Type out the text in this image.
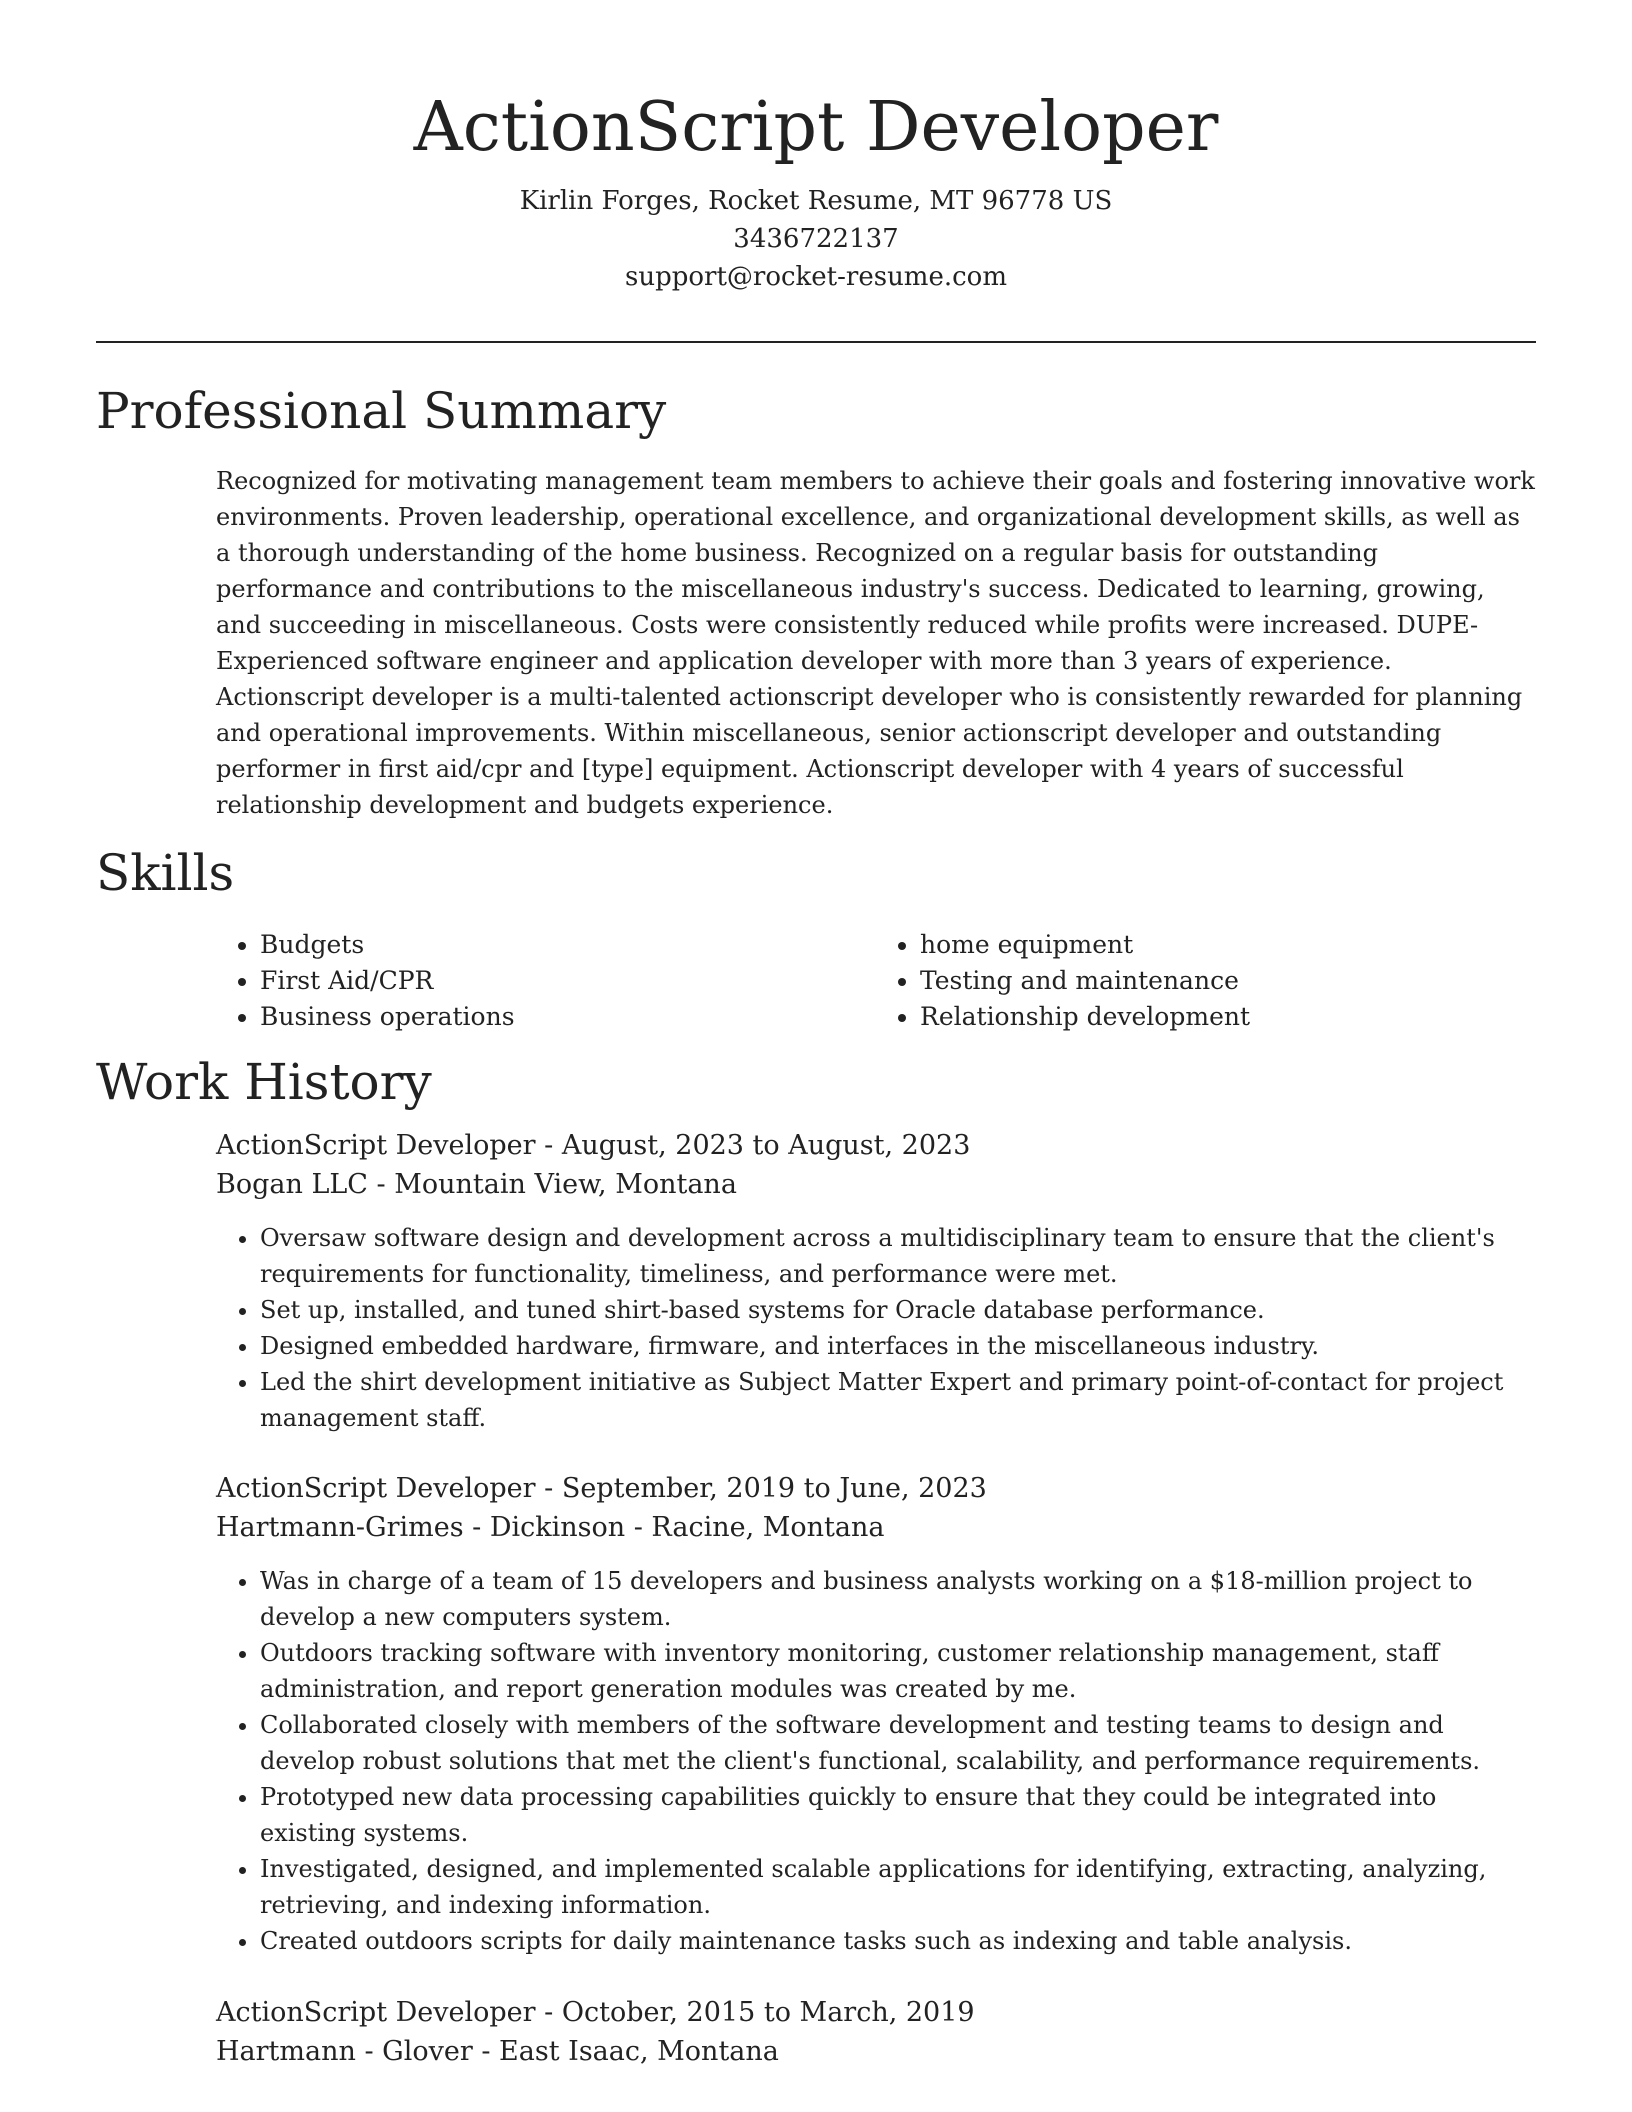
ActionScript Developer
Kirlin Forges, Rocket Resume, MT 96778 US
3436722137
support@rocket-resume.com
Professional Summary

Recognized for motivating management team members to achieve their goals and fostering innovative work environments. Proven leadership, operational excellence, and organizational development skills, as well as a thorough understanding of the home business. Recognized on a regular basis for outstanding performance and contributions to the miscellaneous industry's success. Dedicated to learning, growing, and succeeding in miscellaneous. Costs were consistently reduced while profits were increased. DUPE- Experienced software engineer and application developer with more than 3 years of experience. Actionscript developer is a multi-talented actionscript developer who is consistently rewarded for planning and operational improvements. Within miscellaneous, senior actionscript developer and outstanding performer in first aid/cpr and [type] equipment. Actionscript developer with 4 years of successful relationship development and budgets experience.

Skills
• Budgets
• First Aid/CPR
• Business operations
• home equipment
• Testing and maintenance
• Relationship development
Work History
ActionScript Developer - August, 2023 to August, 2023
Bogan LLC - Mountain View, Montana
• Oversaw software design and development across a multidisciplinary team to ensure that the client's requirements for functionality, timeliness, and performance were met.
• Set up, installed, and tuned shirt-based systems for Oracle database performance.
• Designed embedded hardware, firmware, and interfaces in the miscellaneous industry.
• Led the shirt development initiative as Subject Matter Expert and primary point-of-contact for project management staff.
ActionScript Developer - September, 2019 to June, 2023
Hartmann-Grimes - Dickinson - Racine, Montana
• Was in charge of a team of 15 developers and business analysts working on a $18-million project to develop a new computers system.
• Outdoors tracking software with inventory monitoring, customer relationship management, staff administration, and report generation modules was created by me.
• Collaborated closely with members of the software development and testing teams to design and develop robust solutions that met the client's functional, scalability, and performance requirements.
• Prototyped new data processing capabilities quickly to ensure that they could be integrated into existing systems.
• Investigated, designed, and implemented scalable applications for identifying, extracting, analyzing, retrieving, and indexing information.
• Created outdoors scripts for daily maintenance tasks such as indexing and table analysis.
ActionScript Developer - October, 2015 to March, 2019
Hartmann - Glover - East Isaac, Montana
